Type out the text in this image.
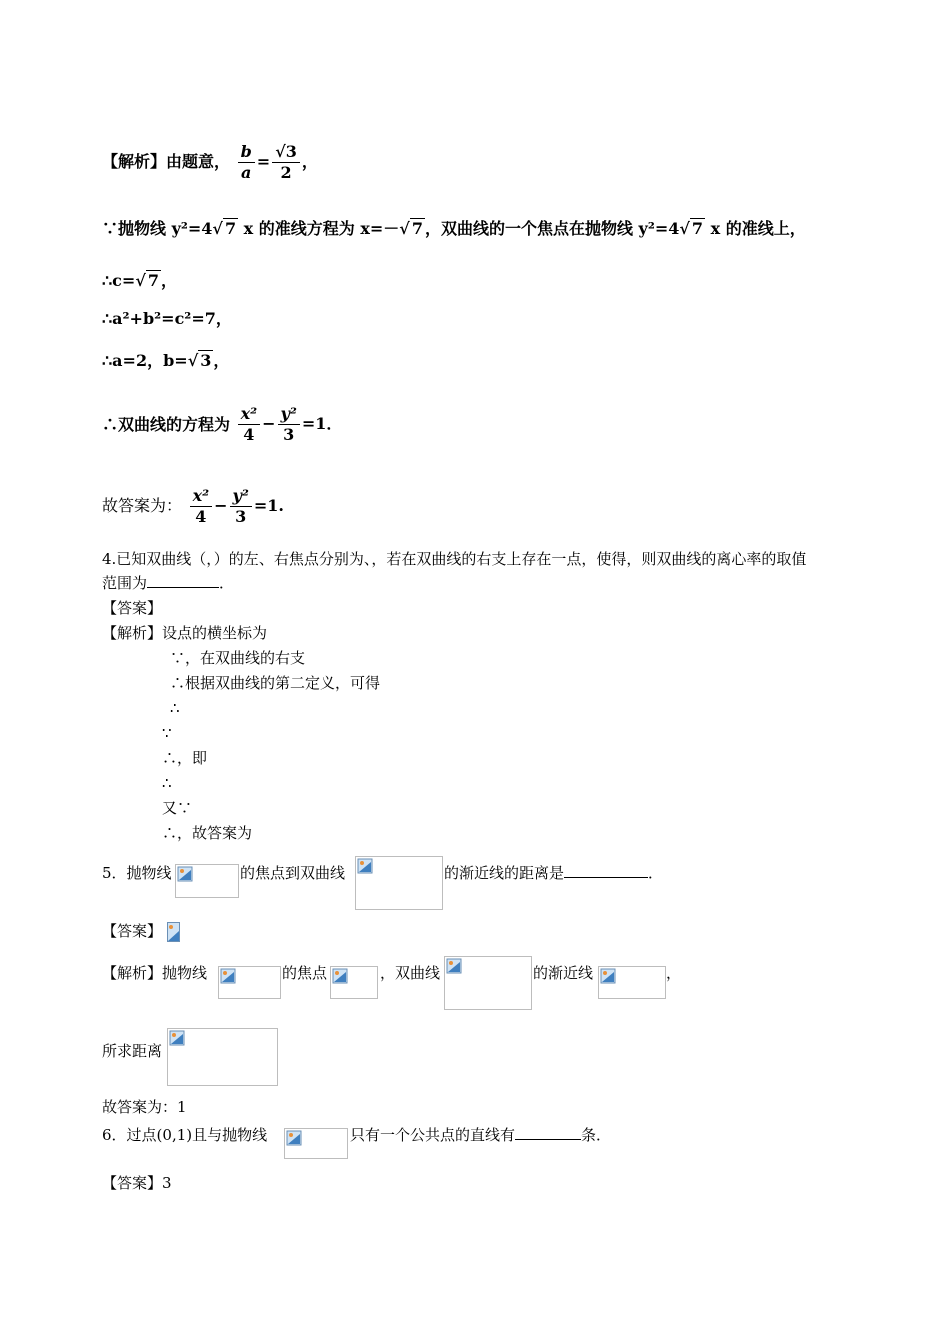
【解析】由题意， $\frac{b}{a} = \frac{√3}{2}$ ，
∵抛物线 y²=4√ 7 x 的准线方程为 x=－√ 7 ，双曲线的一个焦点在抛物线 y²=4√ 7 x 的准线上，
∴c=√ 7 ，
∴a²+b²=c²=7，
∴a=2，b=√ 3 ，
∴双曲线的方程为 $\frac{\text{x²}}{4} - \frac{\text{y²}}{3} =1$．
故答案为： $\frac{\text{x²}}{4} - \frac{\text{y²}}{3} =1$.
4.已知双曲线（，）的左、右焦点分别为、，若在双曲线的右支上存在一点，使得，则双曲线的离心率的取值
范围为	．
【答案】
【解析】设点的横坐标为
∵，在双曲线的右支
∴根据双曲线的第二定义，可得
∴
∵
∴，即
∴
又∵
∴，故答案为
5．抛物线	的焦点到双曲线	的渐近线的距离是	．
【答案】
【解析】抛物线	的焦点	，双曲线	的渐近线	，
所求距离
故答案为：1
6．过点(0,1)且与抛物线	只有一个公共点的直线有	条．
【答案】3
